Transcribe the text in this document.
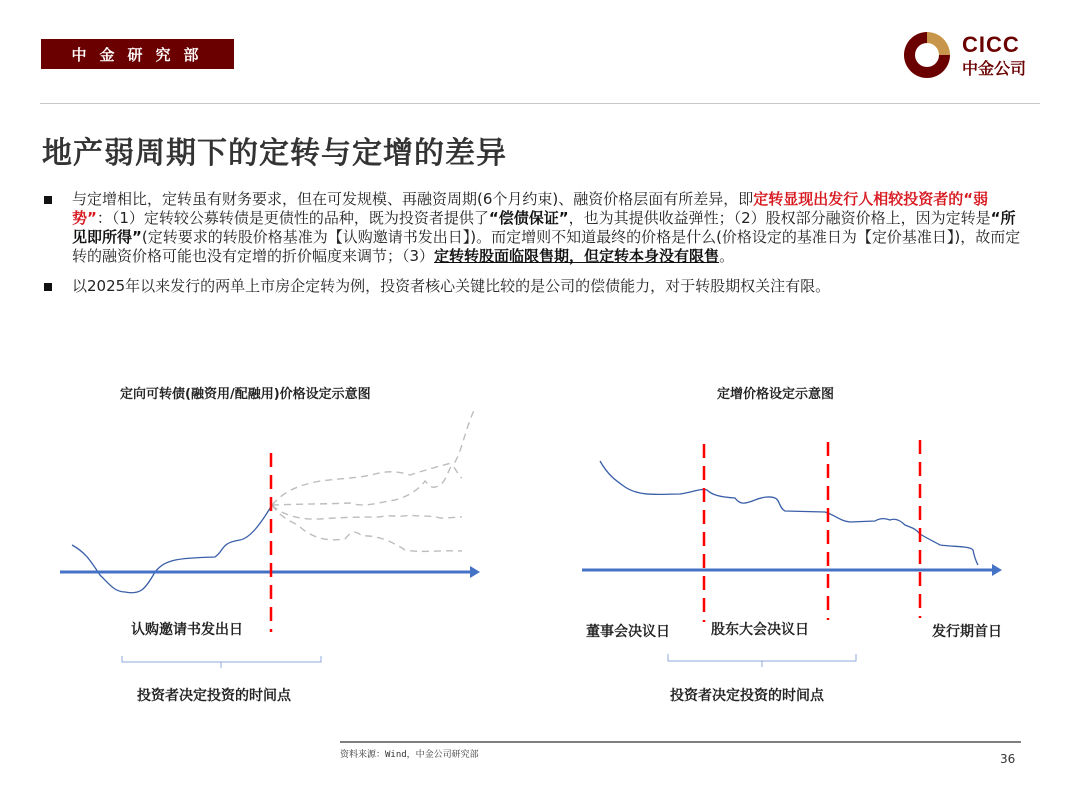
中金研究部	CICC
中金公司
地产弱周期下的定转与定增的差异
与定增相比，定转虽有财务要求，但在可发规模、再融资周期(6个月约束)、融资价格层面有所差异，即定转显现出发行人相较投资者的“弱势”：（1）定转较公募转债是更债性的品种，既为投资者提供了“偿债保证”，也为其提供收益弹性；（2）股权部分融资价格上，因为定转是“所见即所得”(定转要求的转股价格基准为【认购邀请书发出日】)。而定增则不知道最终的价格是什么(价格设定的基准日为【定价基准日】)，故而定转的融资价格可能也没有定增的折价幅度来调节；（3）定转转股面临限售期，但定转本身没有限售。
以2025年以来发行的两单上市房企定转为例，投资者核心关键比较的是公司的偿债能力，对于转股期权关注有限。
定向可转债(融资用/配融用)价格设定示意图
认购邀请书发出日
投资者决定投资的时间点
定增价格设定示意图
董事会决议日	股东大会决议日	发行期首日
投资者决定投资的时间点
资料来源：Wind，中金公司研究部	36
